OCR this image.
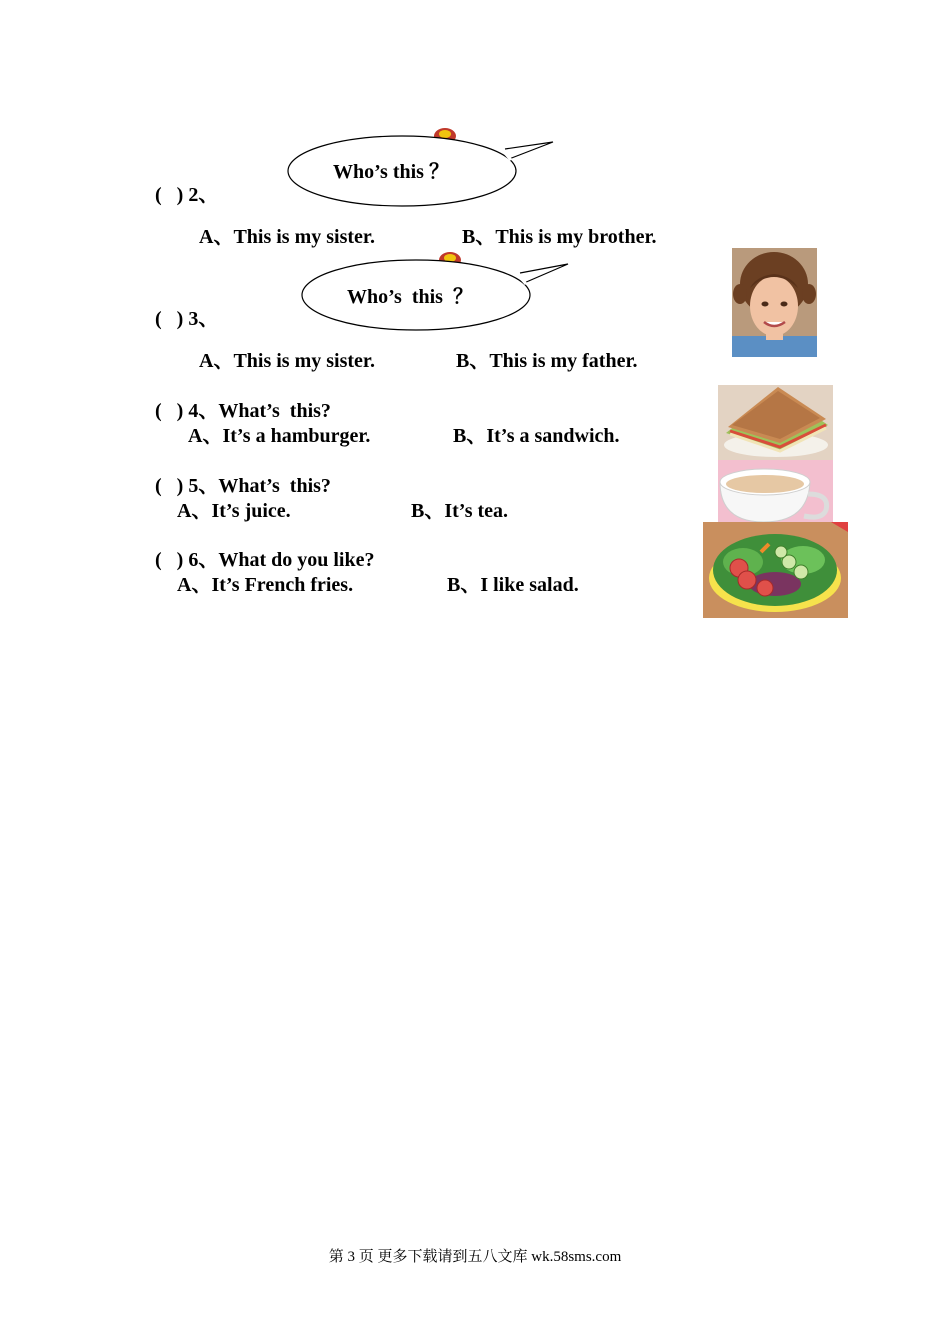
Who’s this ？
(   ) 2、
A、This is my sister.	B、This is my brother.
Who’s  this  ？
(   ) 3、
A、This is my sister.	B、This is my father.
(   ) 4、What’s  this?
A、It’s a hamburger.	B、It’s a sandwich.
(   ) 5、What’s  this?
A、It’s juice.	B、It’s tea.
(   ) 6、What do you like?
A、It’s French fries.	B、I like salad.
第 3 页 更多下载请到五八文库 wk.58sms.com
